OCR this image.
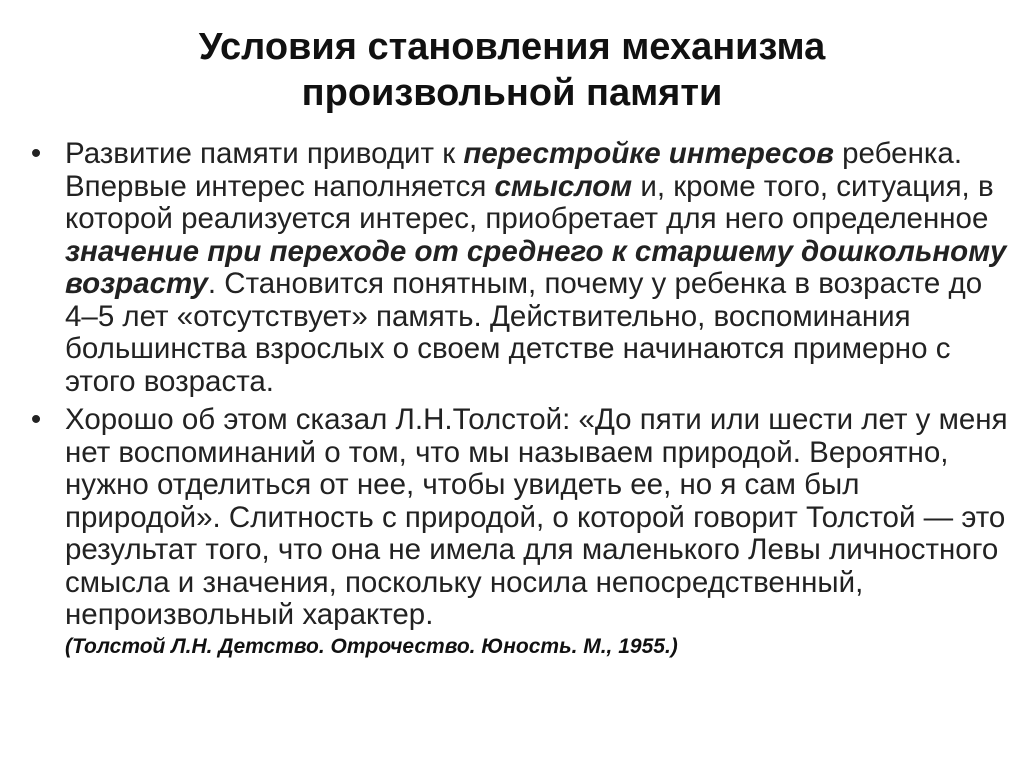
Условия становления механизма
произвольной памяти
• Развитие памяти приводит к перестройке интересов ребенка. Впервые интерес наполняется смыслом и, кроме того, ситуация, в которой реализуется интерес, приобретает для него определенное значение при переходе от среднего к старшему дошкольному возрасту. Становится понятным, почему у ребенка в возрасте до 4–5 лет «отсутствует» память. Действительно, воспоминания большинства взрослых о своем детстве начинаются примерно с этого возраста.
• Хорошо об этом сказал Л.Н.Толстой: «До пяти или шести лет у меня нет воспоминаний о том, что мы называем природой. Вероятно, нужно отделиться от нее, чтобы увидеть ее, но я сам был природой». Слитность с природой, о которой говорит Толстой — это результат того, что она не имела для маленького Левы личностного смысла и значения, поскольку носила непосредственный, непроизвольный характер.
(Толстой Л.Н. Детство. Отрочество. Юность. М., 1955.)
